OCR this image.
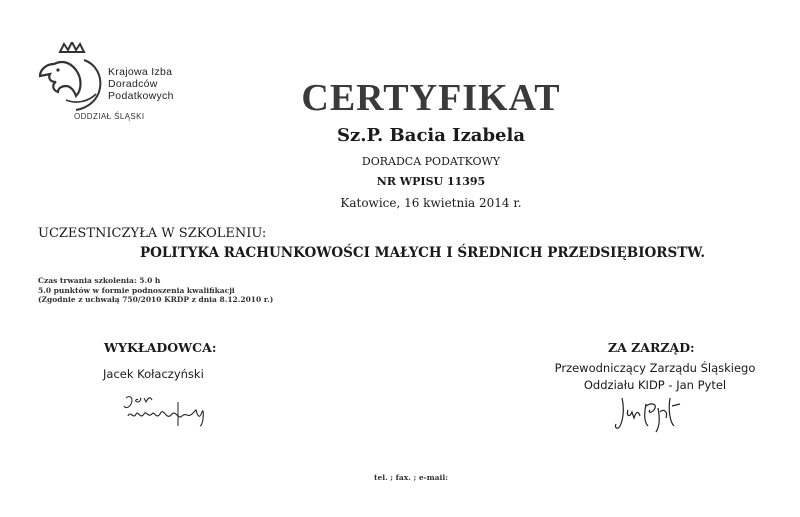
Krajowa Izba
Doradców
Podatkowych
ODDZIAŁ ŚLĄSKI	CERTYFIKAT
Sz.P. Bacia Izabela
DORADCA PODATKOWY
NR WPISU 11395
Katowice, 16 kwietnia 2014 r.
UCZESTNICZYŁA W SZKOLENIU:
POLITYKA RACHUNKOWOŚCI MAŁYCH I ŚREDNICH PRZEDSIĘBIORSTW.
Czas trwania szkolenia: 5.0 h
5.0 punktów w formie podnoszenia kwalifikacji
(Zgodnie z uchwałą 750/2010 KRDP z dnia 8.12.2010 r.)
WYKŁADOWCA:
Jacek Kołaczyński
ZA ZARZĄD:
Przewodniczący Zarządu Śląskiego
Oddziału KIDP - Jan Pytel
tel. ; fax. ; e-mail:
